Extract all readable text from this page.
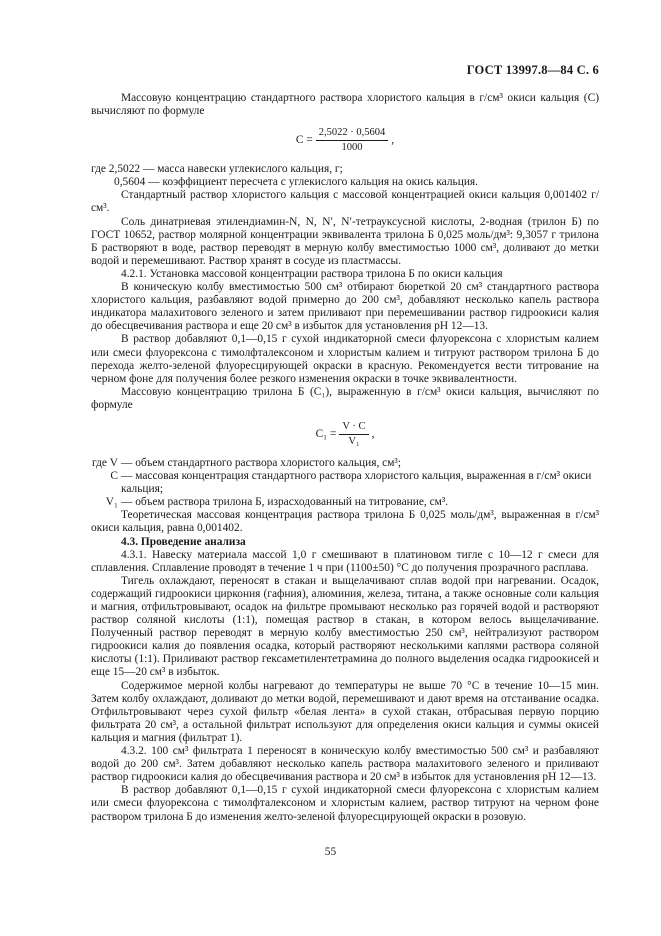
ГОСТ 13997.8—84 С. 6

Массовую концентрацию стандартного раствора хлористого кальция в г/см³ окиси кальция (C) вычисляют по формуле

$C = \frac{2,5022 \cdot 0,5604}{1000}$ ,

где 2,5022 — масса навески углекислого кальция, г;

0,5604 — коэффициент пересчета с углекислого кальция на окись кальция.

Стандартный раствор хлористого кальция с массовой концентрацией окиси кальция 0,001402 г/см³.

Соль динатриевая этилендиамин-N, N, N′, N′-тетрауксусной кислоты, 2-водная (трилон Б) по ГОСТ 10652, раствор молярной концентрации эквивалента трилона Б 0,025 моль/дм³: 9,3057 г трилона Б растворяют в воде, раствор переводят в мерную колбу вместимостью 1000 см³, доливают до метки водой и перемешивают. Раствор хранят в сосуде из пластмассы.

4.2.1. Установка массовой концентрации раствора трилона Б по окиси кальция

В коническую колбу вместимостью 500 см³ отбирают бюреткой 20 см³ стандартного раствора хлористого кальция, разбавляют водой примерно до 200 см³, добавляют несколько капель раствора индикатора малахитового зеленого и затем приливают при перемешивании раствор гидроокиси калия до обесцвечивания раствора и еще 20 см³ в избыток для установления pH 12—13.

В раствор добавляют 0,1—0,15 г сухой индикаторной смеси флуорексона с хлористым калием или смеси флуорексона с тимолфталексоном и хлористым калием и титруют раствором трилона Б до перехода желто-зеленой флуоресцирующей окраски в красную. Рекомендуется вести титрование на черном фоне для получения более резкого изменения окраски в точке эквивалентности.

Массовую концентрацию трилона Б (C₁), выраженную в г/см³ окиси кальция, вычисляют по формуле

$C_1 = \frac{V \cdot C}{\text{V₁}}$ ,
где V — объем стандартного раствора хлористого кальция, см³;
C — массовая концентрация стандартного раствора хлористого кальция, выраженная в г/см³ окиси кальция;
V₁ — объем раствора трилона Б, израсходованный на титрование, см³.

Теоретическая массовая концентрация раствора трилона Б 0,025 моль/дм³, выраженная в г/см³ окиси кальция, равна 0,001402.

4.3. Проведение анализа

4.3.1. Навеску материала массой 1,0 г смешивают в платиновом тигле с 10—12 г смеси для сплавления. Сплавление проводят в течение 1 ч при (1100±50) °С до получения прозрачного расплава.

Тигель охлаждают, переносят в стакан и выщелачивают сплав водой при нагревании. Осадок, содержащий гидроокиси циркония (гафния), алюминия, железа, титана, а также основные соли кальция и магния, отфильтровывают, осадок на фильтре промывают несколько раз горячей водой и растворяют раствор соляной кислоты (1:1), помещая раствор в стакан, в котором велось выщелачивание. Полученный раствор переводят в мерную колбу вместимостью 250 см³, нейтрализуют раствором гидроокиси калия до появления осадка, который растворяют несколькими каплями раствора соляной кислоты (1:1). Приливают раствор гексаметилентетрамина до полного выделения осадка гидроокисей и еще 15—20 см³ в избыток.

Содержимое мерной колбы нагревают до температуры не выше 70 °С в течение 10—15 мин. Затем колбу охлаждают, доливают до метки водой, перемешивают и дают время на отстаивание осадка. Отфильтровывают через сухой фильтр «белая лента» в сухой стакан, отбрасывая первую порцию фильтрата 20 см³, а остальной фильтрат используют для определения окиси кальция и суммы окисей кальция и магния (фильтрат 1).

4.3.2. 100 см³ фильтрата 1 переносят в коническую колбу вместимостью 500 см³ и разбавляют водой до 200 см³. Затем добавляют несколько капель раствора малахитового зеленого и приливают раствор гидроокиси калия до обесцвечивания раствора и 20 см³ в избыток для установления pH 12—13.

В раствор добавляют 0,1—0,15 г сухой индикаторной смеси флуорексона с хлористым калием или смеси флуорексона с тимолфталексоном и хлористым калием, раствор титруют на черном фоне раствором трилона Б до изменения желто-зеленой флуоресцирующей окраски в розовую.

55
